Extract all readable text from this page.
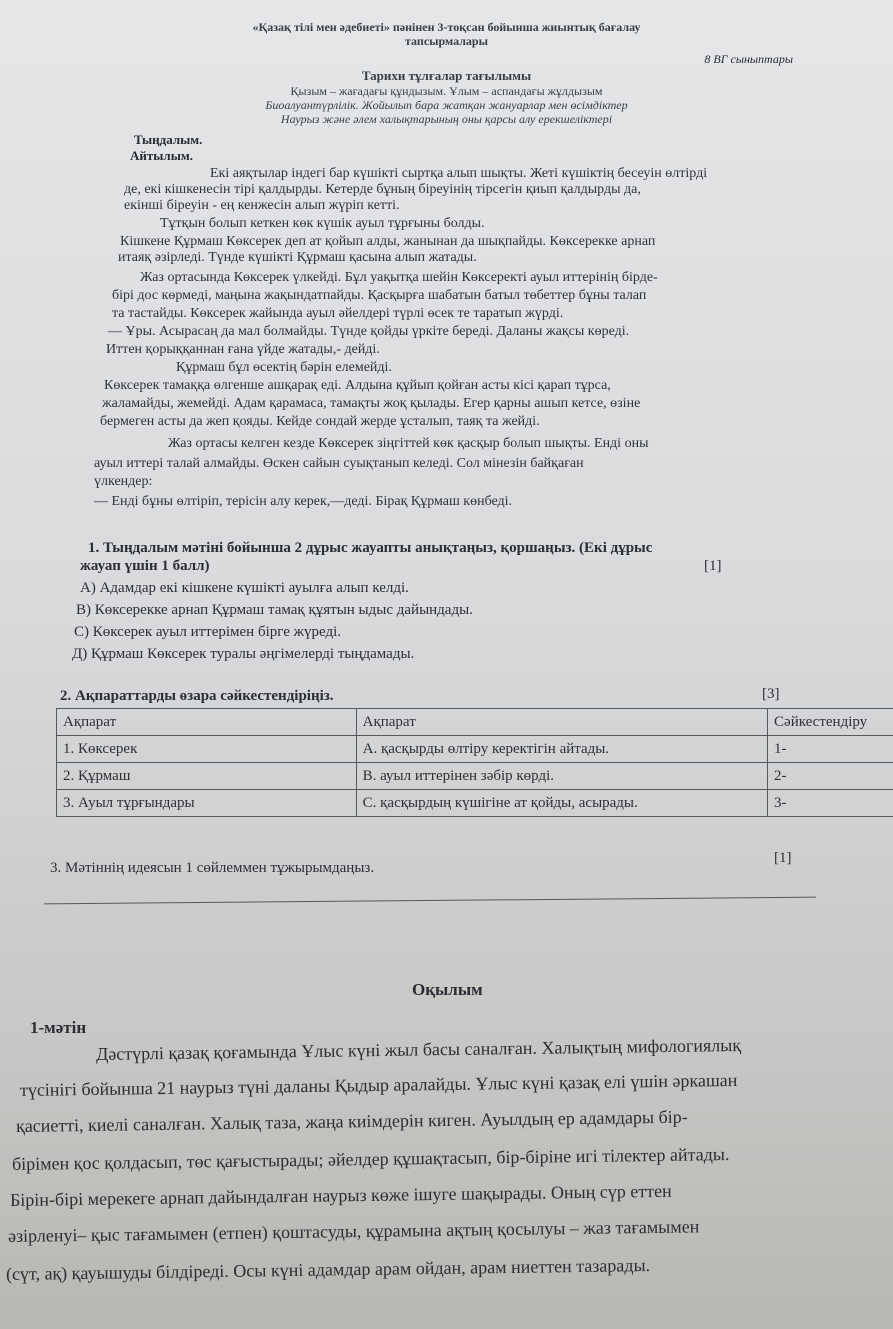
«Қазақ тілі мен әдебиеті» пәнінен 3-тоқсан бойынша жиынтық бағалау
тапсырмалары
8 ВГ сыныптары
Тарихи тұлғалар тағылымы
Қызым – жағадағы құндызым. Ұлым – аспандағы жұлдызым
Биоалуантүрлілік. Жойылып бара жатқан жануарлар мен өсімдіктер
Наурыз және әлем халықтарының оны қарсы алу ерекшеліктері
Тыңдалым.
Айтылым.
Екі аяқтылар індегі бар күшікті сыртқа алып шықты. Жеті күшіктің бесеуін өлтірді
де, екі кішкенесін тірі қалдырды. Кетерде бұның біреуінің тірсегін қиып қалдырды да,
екінші біреуін - ең кенжесін алып жүріп кетті.
Тұтқын болып кеткен көк күшік ауыл тұрғыны болды.
Кішкене Құрмаш Көксерек деп ат қойып алды, жанынан да шықпайды. Көксерекке арнап
итаяқ әзірледі. Түнде күшікті Құрмаш қасына алып жатады.
Жаз ортасында Көксерек үлкейді. Бұл уақытқа шейін Көксеректі ауыл иттерінің бірде-
бірі дос көрмеді, маңына жақындатпайды. Қасқырға шабатын батыл төбеттер бұны талап
та тастайды. Көксерек жайында ауыл әйелдері түрлі өсек те таратып жүрді.
— Ұры. Асырасаң да мал болмайды. Түнде қойды үркіте береді. Даланы жақсы көреді.
Иттен қорыққаннан ғана үйде жатады,- дейді.
Құрмаш бұл өсектің бәрін елемейді.
Көксерек тамаққа өлгенше ашқарақ еді. Алдына құйып қойған асты кісі қарап тұрса,
жаламайды, жемейді. Адам қарамаса, тамақты жоқ қылады. Егер қарны ашып кетсе, өзіне
бермеген асты да жеп қояды. Кейде сондай жерде ұсталып, таяқ та жейді.
Жаз ортасы келген кезде Көксерек зіңгіттей көк қасқыр болып шықты. Енді оны
ауыл иттері талай алмайды. Өскен сайын суықтанып келеді. Сол мінезін байқаған
үлкендер:
— Енді бұны өлтіріп, терісін алу керек,—деді. Бірақ Құрмаш көнбеді.
1. Тыңдалым мәтіні бойынша 2 дұрыс жауапты анықтаңыз, қоршаңыз. (Екі дұрыс
жауап үшін 1 балл)	[1]
А) Адамдар екі кішкене күшікті ауылға алып келді.
В) Көксерекке арнап Құрмаш тамақ құятын ыдыс дайындады.
С) Көксерек ауыл иттерімен бірге жүреді.
Д) Құрмаш Көксерек туралы әңгімелерді тыңдамады.
2. Ақпараттарды өзара сәйкестендіріңіз.	[3]
Ақпарат	Ақпарат	Сәйкестендіру
1. Көксерек	А. қасқырды өлтіру керектігін айтады.	1-
2. Құрмаш	В. ауыл иттерінен зәбір көрді.	2-
3. Ауыл тұрғындары	С. қасқырдың күшігіне ат қойды, асырады.	3-
3. Мәтіннің идеясын 1 сөйлеммен тұжырымдаңыз.
[1]
Оқылым
1-мәтін
Дәстүрлі қазақ қоғамында Ұлыс күні жыл басы саналған. Халықтың мифологиялық
түсінігі бойынша 21 наурыз түні даланы Қыдыр аралайды. Ұлыс күні қазақ елі үшін әркашан
қасиетті, киелі саналған. Халық таза, жаңа киімдерін киген. Ауылдың ер адамдары бір-
бірімен қос қолдасып, төс қағыстырады; әйелдер құшақтасып, бір-біріне игі тілектер айтады.
Бірін-бірі мерекеге арнап дайындалған наурыз көже ішуге шақырады. Оның сүр еттен
әзірленуі– қыс тағамымен (етпен) қоштасуды, құрамына ақтың қосылуы – жаз тағамымен
(сүт, ақ) қауышуды білдіреді. Осы күні адамдар арам ойдан, арам ниеттен тазарады.
